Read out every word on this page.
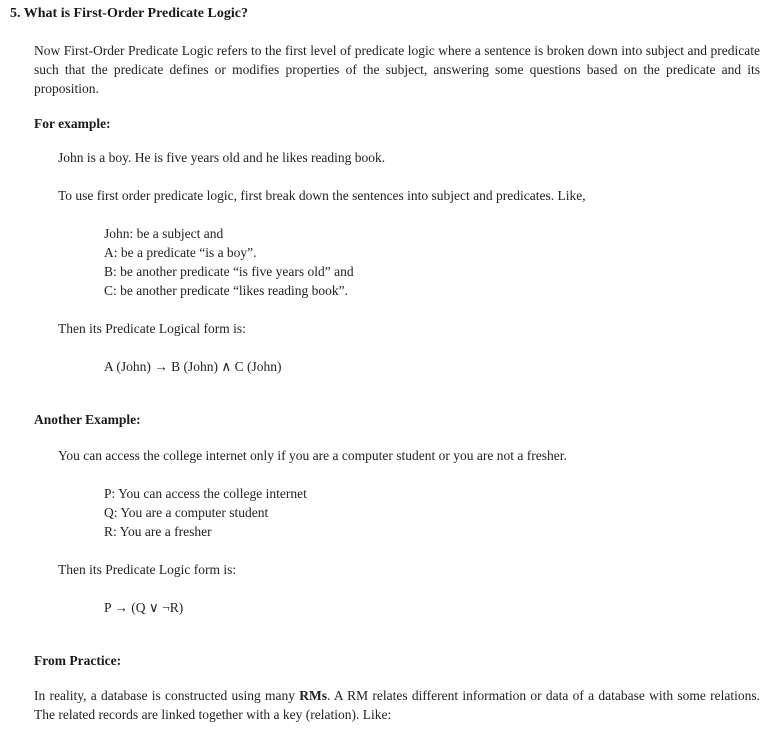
5. What is First-Order Predicate Logic?
Now First-Order Predicate Logic refers to the first level of predicate logic where a sentence is broken down into subject and predicate such that the predicate defines or modifies properties of the subject, answering some questions based on the predicate and its proposition.
For example:
John is a boy. He is five years old and he likes reading book.
To use first order predicate logic, first break down the sentences into subject and predicates. Like,
John: be a subject and
A: be a predicate “is a boy”.
B: be another predicate “is five years old” and
C: be another predicate “likes reading book”.
Then its Predicate Logical form is:
A (John) → B (John) ∧ C (John)
Another Example:
You can access the college internet only if you are a computer student or you are not a fresher.
P: You can access the college internet
Q: You are a computer student
R: You are a fresher
Then its Predicate Logic form is:
P → (Q ∨ ¬R)
From Practice:
In reality, a database is constructed using many RMs. A RM relates different information or data of a database with some relations. The related records are linked together with a key (relation). Like:
